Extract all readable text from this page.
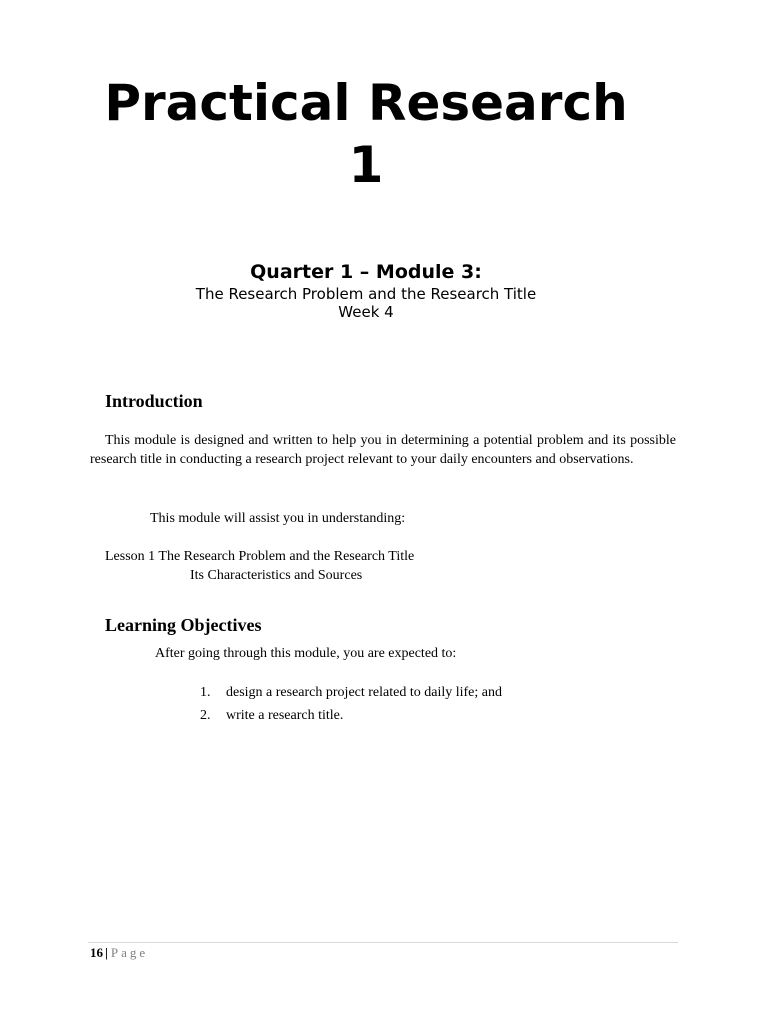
Practical Research
1
Quarter 1 – Module 3:

The Research Problem and the Research Title

Week 4

Introduction

This module is designed and written to help you in determining a potential problem and its possible research title in conducting a research project relevant to your daily encounters and observations.

This module will assist you in understanding:

Lesson 1 The Research Problem and the Research Title

Its Characteristics and Sources

Learning Objectives

After going through this module, you are expected to:

1.	design a research project related to daily life; and
2.	write a research title.
16 | Page
